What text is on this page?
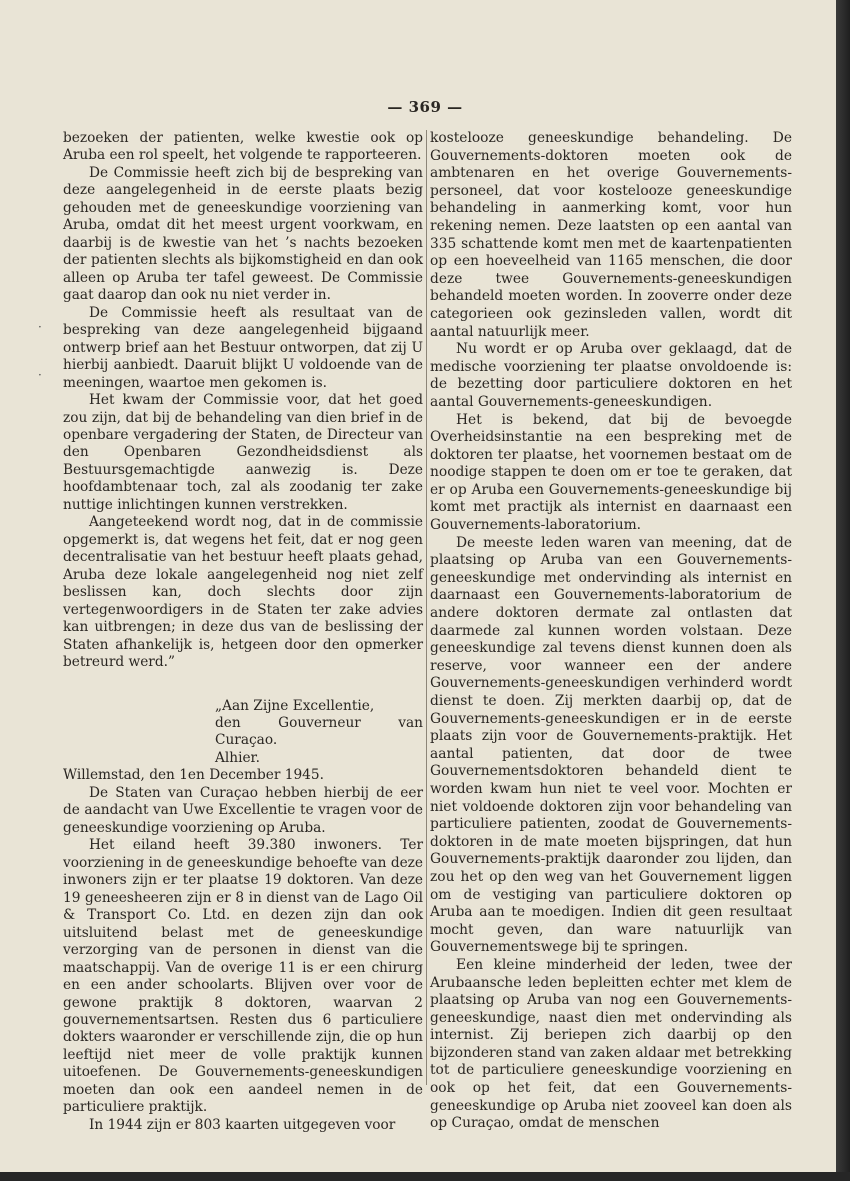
— 369 —

bezoeken der patienten, welke kwestie ook op Aruba een rol speelt, het volgende te rapporteeren.

De Commissie heeft zich bij de bespreking van deze aangelegenheid in de eerste plaats bezig gehouden met de geneeskundige voorziening van Aruba, omdat dit het meest urgent voorkwam, en daarbij is de kwestie van het ’s nachts bezoeken der patienten slechts als bijkomstigheid en dan ook alleen op Aruba ter tafel geweest. De Commissie gaat daarop dan ook nu niet verder in.

De Commissie heeft als resultaat van de bespreking van deze aangelegenheid bijgaand ontwerp brief aan het Bestuur ontworpen, dat zij U hierbij aanbiedt. Daaruit blijkt U voldoende van de meeningen, waartoe men gekomen is.

Het kwam der Commissie voor, dat het goed zou zijn, dat bij de behandeling van dien brief in de openbare vergadering der Staten, de Directeur van den Openbaren Gezondheidsdienst als Bestuursgemachtigde aanwezig is. Deze hoofdambtenaar toch, zal als zoodanig ter zake nuttige inlichtingen kunnen verstrekken.

Aangeteekend wordt nog, dat in de commissie opgemerkt is, dat wegens het feit, dat er nog geen decentralisatie van het bestuur heeft plaats gehad, Aruba deze lokale aangelegenheid nog niet zelf beslissen kan, doch slechts door zijn vertegenwoordigers in de Staten ter zake advies kan uitbrengen; in deze dus van de beslissing der Staten afhankelijk is, hetgeen door den opmerker betreurd werd.”

„Aan Zijne Excellentie,
den Gouverneur van Curaçao.
Alhier.

Willemstad, den 1en December 1945.

De Staten van Curaçao hebben hierbij de eer de aandacht van Uwe Excellentie te vragen voor de geneeskundige voorziening op Aruba.

Het eiland heeft 39.380 inwoners. Ter voorziening in de geneeskundige behoefte van deze inwoners zijn er ter plaatse 19 doktoren. Van deze 19 geneesheeren zijn er 8 in dienst van de Lago Oil & Transport Co. Ltd. en dezen zijn dan ook uitsluitend belast met de geneeskundige verzorging van de personen in dienst van die maatschappij. Van de overige 11 is er een chirurg en een ander schoolarts. Blijven over voor de gewone praktijk 8 doktoren, waarvan 2 gouvernementsartsen. Resten dus 6 particuliere dokters waaronder er verschillende zijn, die op hun leeftijd niet meer de volle praktijk kunnen uitoefenen. De Gouvernements-geneeskundigen moeten dan ook een aandeel nemen in de particuliere praktijk.

In 1944 zijn er 803 kaarten uitgegeven voor

kostelooze geneeskundige behandeling. De Gouvernements-doktoren moeten ook de ambtenaren en het overige Gouvernements-personeel, dat voor kostelooze geneeskundige behandeling in aanmerking komt, voor hun rekening nemen. Deze laatsten op een aantal van 335 schattende komt men met de kaartenpatienten op een hoeveelheid van 1165 menschen, die door deze twee Gouvernements-geneeskundigen behandeld moeten worden. In zooverre onder deze categorieen ook gezinsleden vallen, wordt dit aantal natuurlijk meer.

Nu wordt er op Aruba over geklaagd, dat de medische voorziening ter plaatse onvoldoende is: de bezetting door particuliere doktoren en het aantal Gouvernements-geneeskundigen.

Het is bekend, dat bij de bevoegde Overheidsinstantie na een bespreking met de doktoren ter plaatse, het voornemen bestaat om de noodige stappen te doen om er toe te geraken, dat er op Aruba een Gouvernements-geneeskundige bij komt met practijk als internist en daarnaast een Gouvernements-laboratorium.

De meeste leden waren van meening, dat de plaatsing op Aruba van een Gouvernements-geneeskundige met ondervinding als internist en daarnaast een Gouvernements-laboratorium de andere doktoren dermate zal ontlasten dat daarmede zal kunnen worden volstaan. Deze geneeskundige zal tevens dienst kunnen doen als reserve, voor wanneer een der andere Gouvernements-geneeskundigen verhinderd wordt dienst te doen. Zij merkten daarbij op, dat de Gouvernements-geneeskundigen er in de eerste plaats zijn voor de Gouvernements-praktijk. Het aantal patienten, dat door de twee Gouvernementsdoktoren behandeld dient te worden kwam hun niet te veel voor. Mochten er niet voldoende doktoren zijn voor behandeling van particuliere patienten, zoodat de Gouvernements-doktoren in de mate moeten bijspringen, dat hun Gouvernements-praktijk daaronder zou lijden, dan zou het op den weg van het Gouvernement liggen om de vestiging van particuliere doktoren op Aruba aan te moedigen. Indien dit geen resultaat mocht geven, dan ware natuurlijk van Gouvernementswege bij te springen.

Een kleine minderheid der leden, twee der Arubaansche leden bepleitten echter met klem de plaatsing op Aruba van nog een Gouvernements-geneeskundige, naast dien met ondervinding als internist. Zij beriepen zich daarbij op den bijzonderen stand van zaken aldaar met betrekking tot de particuliere geneeskundige voorziening en ook op het feit, dat een Gouvernements-geneeskundige op Aruba niet zooveel kan doen als op Curaçao, omdat de menschen

·
·
